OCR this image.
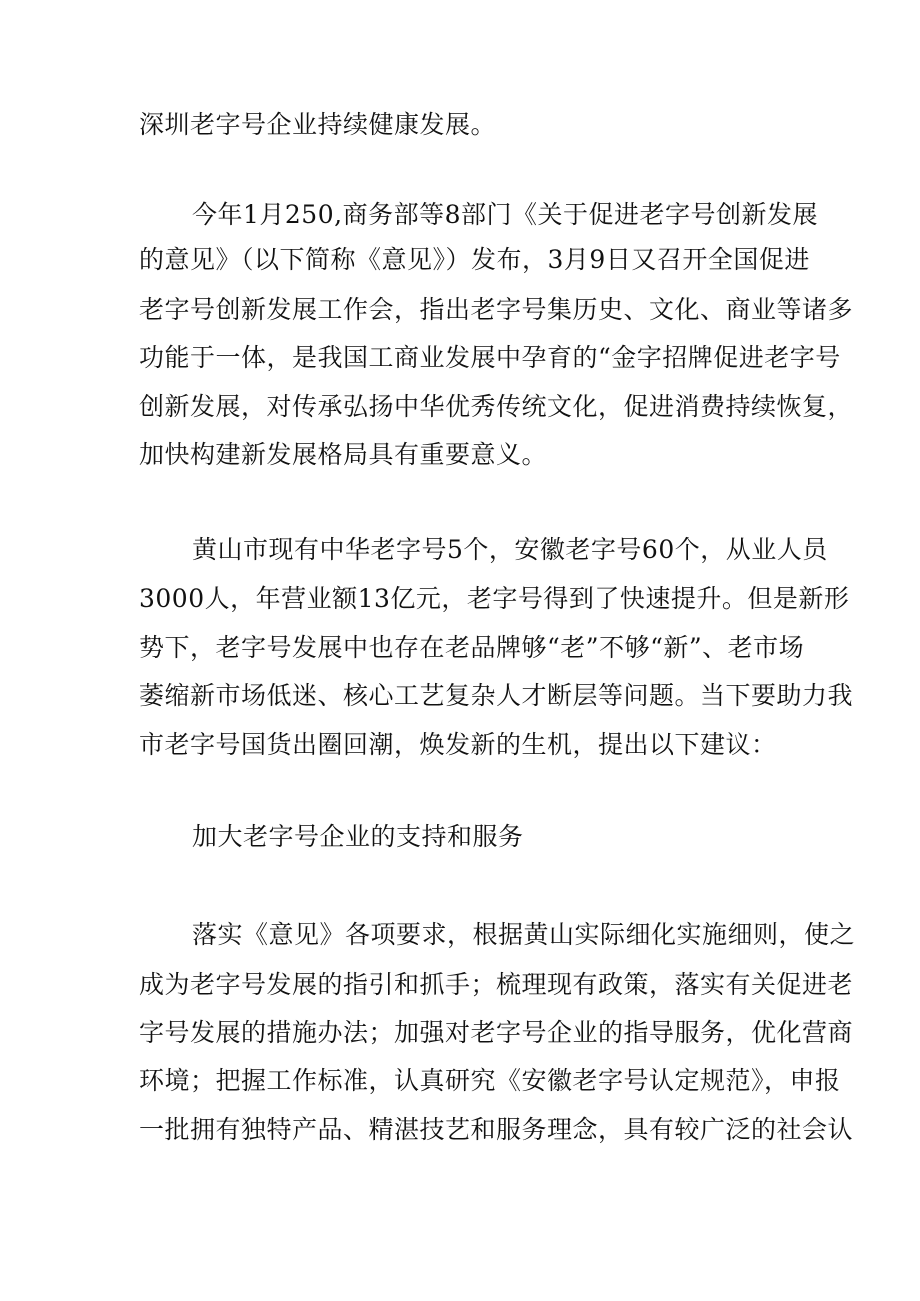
深圳老字号企业持续健康发展。
今年1月250,商务部等8部门《关于促进老字号创新发展
的意见》（以下简称《意见》）发布，3月9日又召开全国促进
老字号创新发展工作会，指出老字号集历史、文化、商业等诸多
功能于一体，是我国工商业发展中孕育的“金字招牌促进老字号
创新发展，对传承弘扬中华优秀传统文化，促进消费持续恢复，
加快构建新发展格局具有重要意义。
黄山市现有中华老字号5个，安徽老字号60个，从业人员
3000人，年营业额13亿元，老字号得到了快速提升。但是新形
势下，老字号发展中也存在老品牌够“老”不够“新”、老市场
萎缩新市场低迷、核心工艺复杂人才断层等问题。当下要助力我
市老字号国货出圈回潮，焕发新的生机，提出以下建议：
加大老字号企业的支持和服务
落实《意见》各项要求，根据黄山实际细化实施细则，使之
成为老字号发展的指引和抓手；梳理现有政策，落实有关促进老
字号发展的措施办法；加强对老字号企业的指导服务，优化营商
环境；把握工作标准，认真研究《安徽老字号认定规范》，申报
一批拥有独特产品、精湛技艺和服务理念，具有较广泛的社会认
